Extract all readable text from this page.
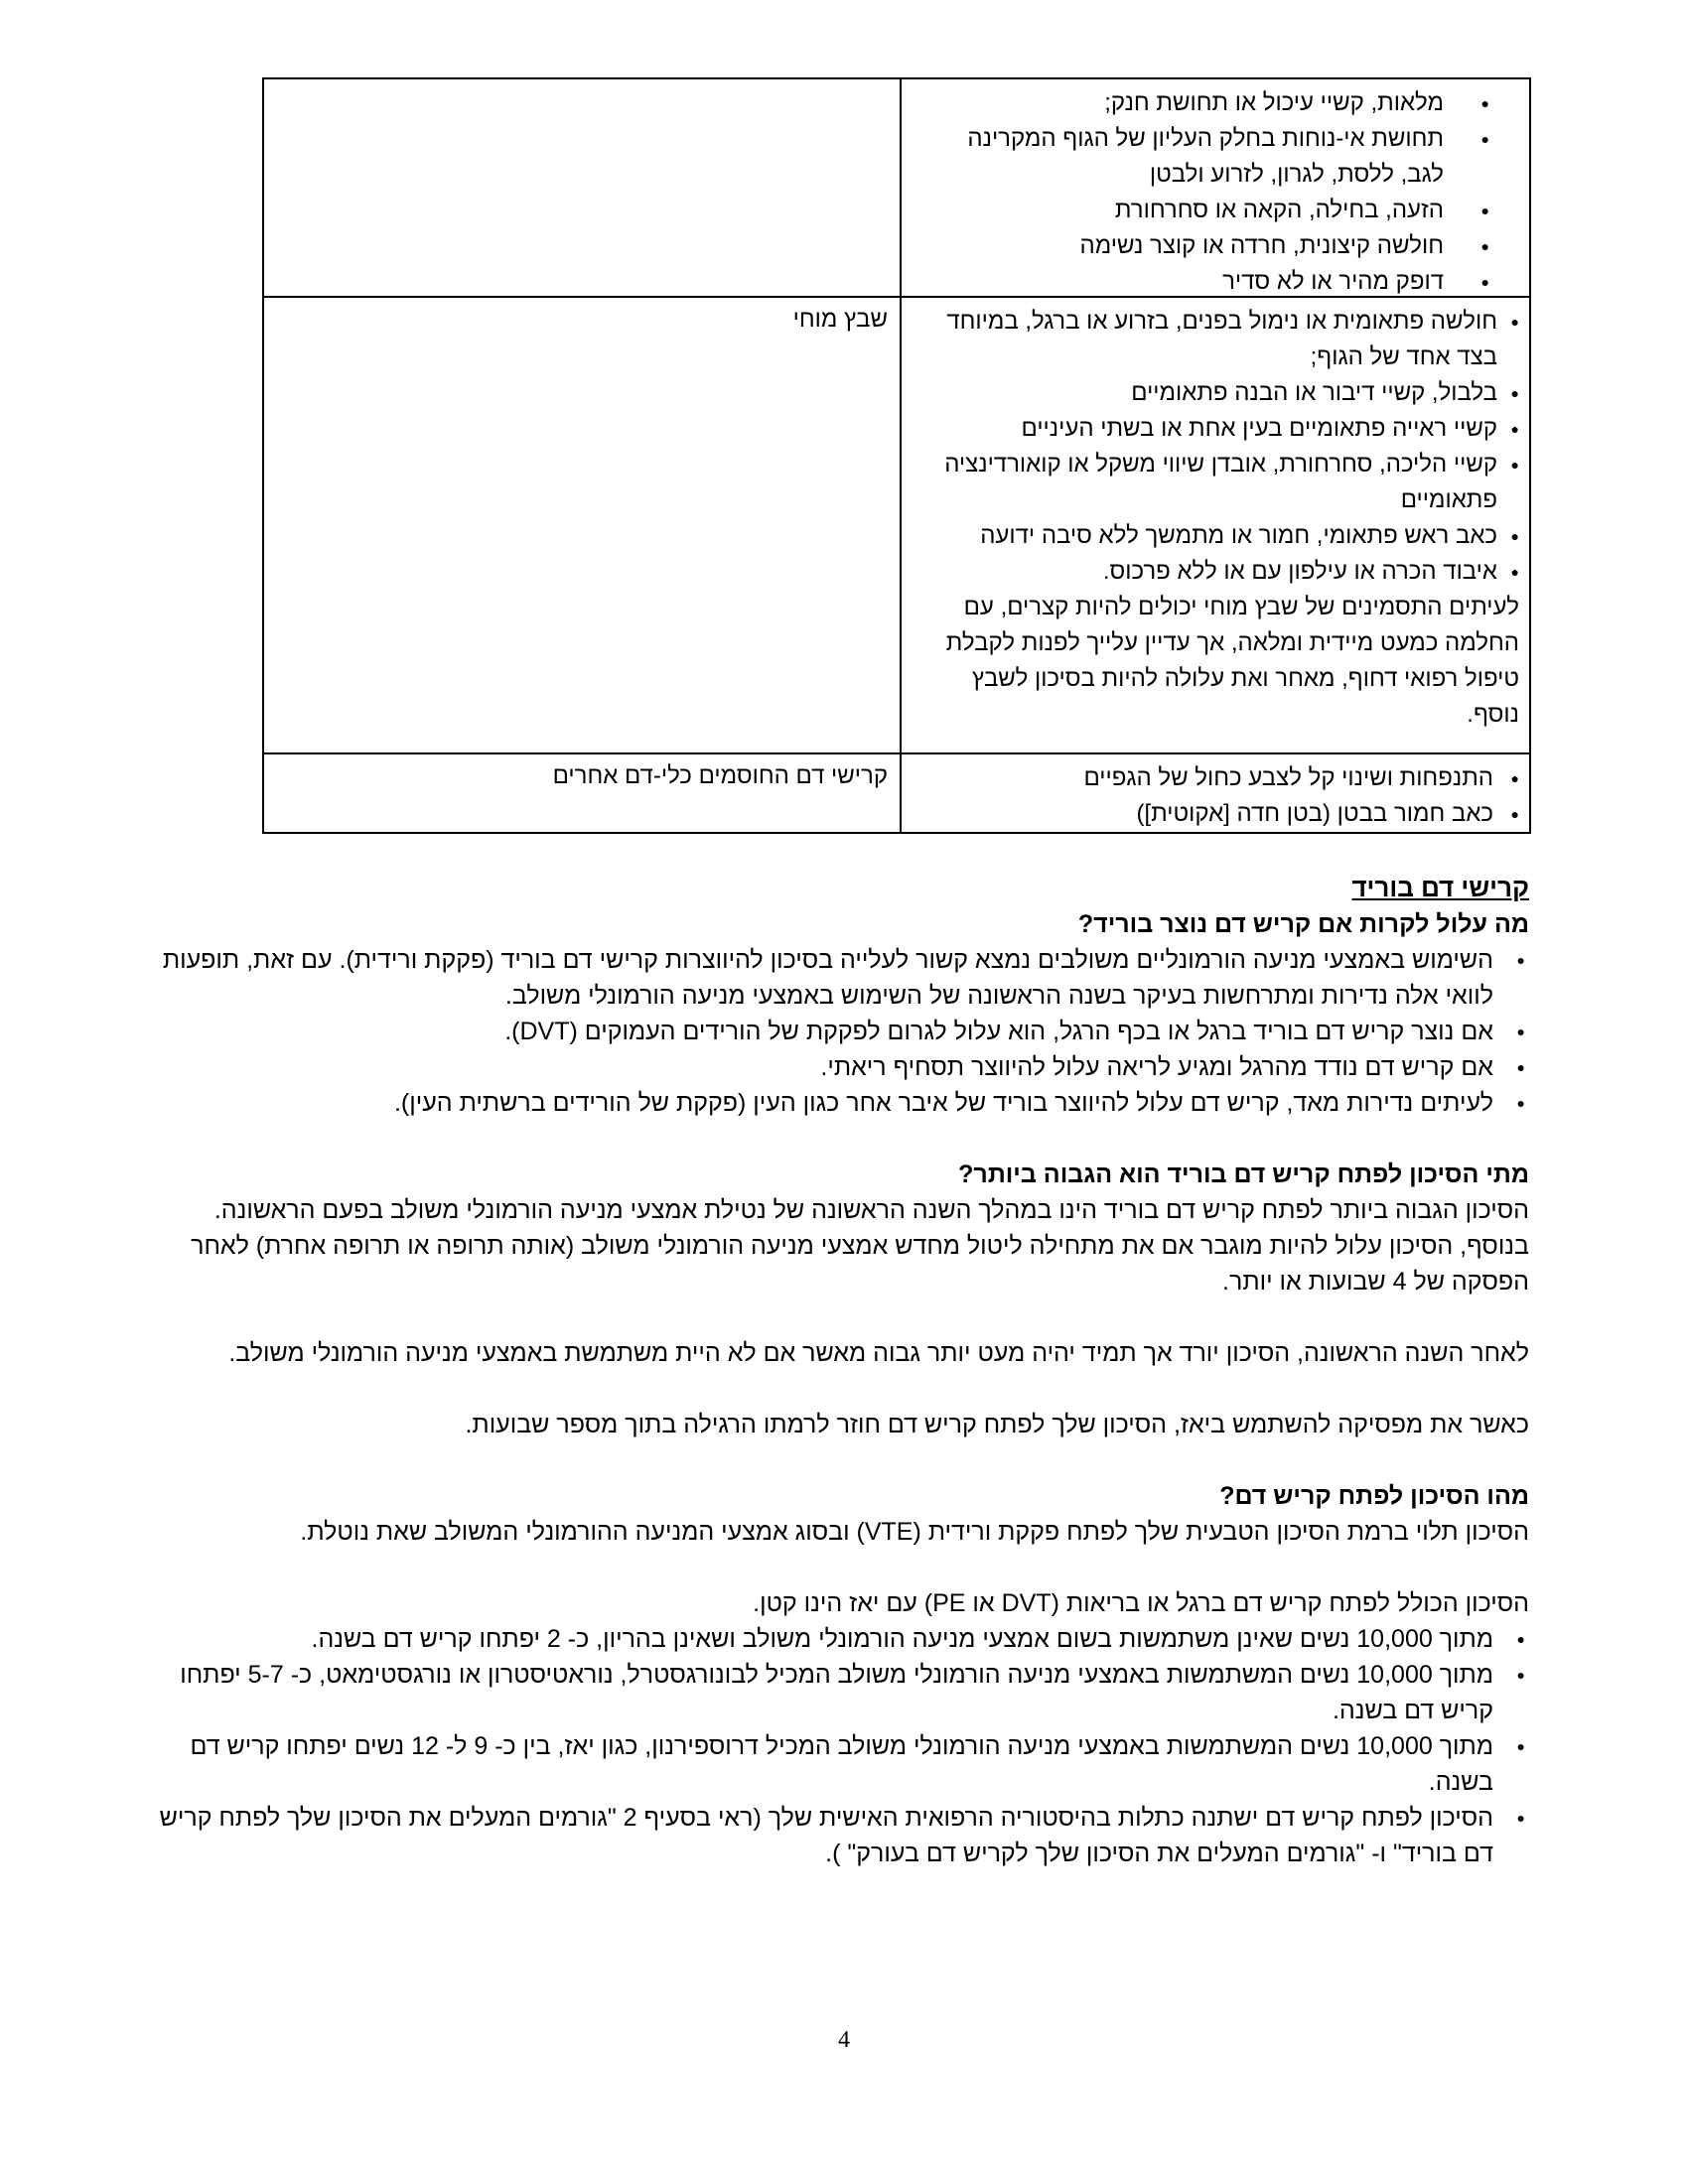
● מלאות, קשיי עיכול או תחושת חנק;
● תחושת אי-נוחות בחלק העליון של הגוף המקרינה לגב, ללסת, לגרון, לזרוע ולבטן
● הזעה, בחילה, הקאה או סחרחורת
● חולשה קיצונית, חרדה או קוצר נשימה
● דופק מהיר או לא סדיר
● חולשה פתאומית או נימול בפנים, בזרוע או ברגל, במיוחד בצד אחד של הגוף;
● בלבול, קשיי דיבור או הבנה פתאומיים
● קשיי ראייה פתאומיים בעין אחת או בשתי העיניים
● קשיי הליכה, סחרחורת, אובדן שיווי משקל או קואורדינציה פתאומיים
● כאב ראש פתאומי, חמור או מתמשך ללא סיבה ידועה
● איבוד הכרה או עילפון עם או ללא פרכוס.

לעיתים התסמינים של שבץ מוחי יכולים להיות קצרים, עם החלמה כמעט מיידית ומלאה, אך עדיין עלייך לפנות לקבלת טיפול רפואי דחוף, מאחר ואת עלולה להיות בסיכון לשבץ נוסף.

שבץ מוחי
● התנפחות ושינוי קל לצבע כחול של הגפיים
● כאב חמור בבטן (בטן חדה [אקוטית])
קרישי דם החוסמים כלי-דם אחרים
קרישי דם בוריד
מה עלול לקרות אם קריש דם נוצר בוריד?
● השימוש באמצעי מניעה הורמונליים משולבים נמצא קשור לעלייה בסיכון להיווצרות קרישי דם בוריד (פקקת ורידית). עם זאת, תופעות לוואי אלה נדירות ומתרחשות בעיקר בשנה הראשונה של השימוש באמצעי מניעה הורמונלי משולב.
● אם נוצר קריש דם בוריד ברגל או בכף הרגל, הוא עלול לגרום לפקקת של הורידים העמוקים (DVT).
● אם קריש דם נודד מהרגל ומגיע לריאה עלול להיווצר תסחיף ריאתי.
● לעיתים נדירות מאד, קריש דם עלול להיווצר בוריד של איבר אחר כגון העין (פקקת של הורידים ברשתית העין).
מתי הסיכון לפתח קריש דם בוריד הוא הגבוה ביותר?

הסיכון הגבוה ביותר לפתח קריש דם בוריד הינו במהלך השנה הראשונה של נטילת אמצעי מניעה הורמונלי משולב בפעם הראשונה. בנוסף, הסיכון עלול להיות מוגבר אם את מתחילה ליטול מחדש אמצעי מניעה הורמונלי משולב (אותה תרופה או תרופה אחרת) לאחר הפסקה של 4 שבועות או יותר.

לאחר השנה הראשונה, הסיכון יורד אך תמיד יהיה מעט יותר גבוה מאשר אם לא היית משתמשת באמצעי מניעה הורמונלי משולב.

כאשר את מפסיקה להשתמש ביאז, הסיכון שלך לפתח קריש דם חוזר לרמתו הרגילה בתוך מספר שבועות.

מהו הסיכון לפתח קריש דם?

הסיכון תלוי ברמת הסיכון הטבעית שלך לפתח פקקת ורידית (VTE) ובסוג אמצעי המניעה ההורמונלי המשולב שאת נוטלת.

הסיכון הכולל לפתח קריש דם ברגל או בריאות (DVT או PE) עם יאז הינו קטן.

● מתוך 10,000 נשים שאינן משתמשות בשום אמצעי מניעה הורמונלי משולב ושאינן בהריון, כ- 2 יפתחו קריש דם בשנה.
● מתוך 10,000 נשים המשתמשות באמצעי מניעה הורמונלי משולב המכיל לבונורגסטרל, נוראטיסטרון או נורגסטימאט, כ- 5-7 יפתחו קריש דם בשנה.
● מתוך 10,000 נשים המשתמשות באמצעי מניעה הורמונלי משולב המכיל דרוספירנון, כגון יאז, בין כ- 9 ל- 12 נשים יפתחו קריש דם בשנה.
● הסיכון לפתח קריש דם ישתנה כתלות בהיסטוריה הרפואית האישית שלך (ראי בסעיף 2 "גורמים המעלים את הסיכון שלך לפתח קריש דם בוריד" ו- "גורמים המעלים את הסיכון שלך לקריש דם בעורק" ).
4
